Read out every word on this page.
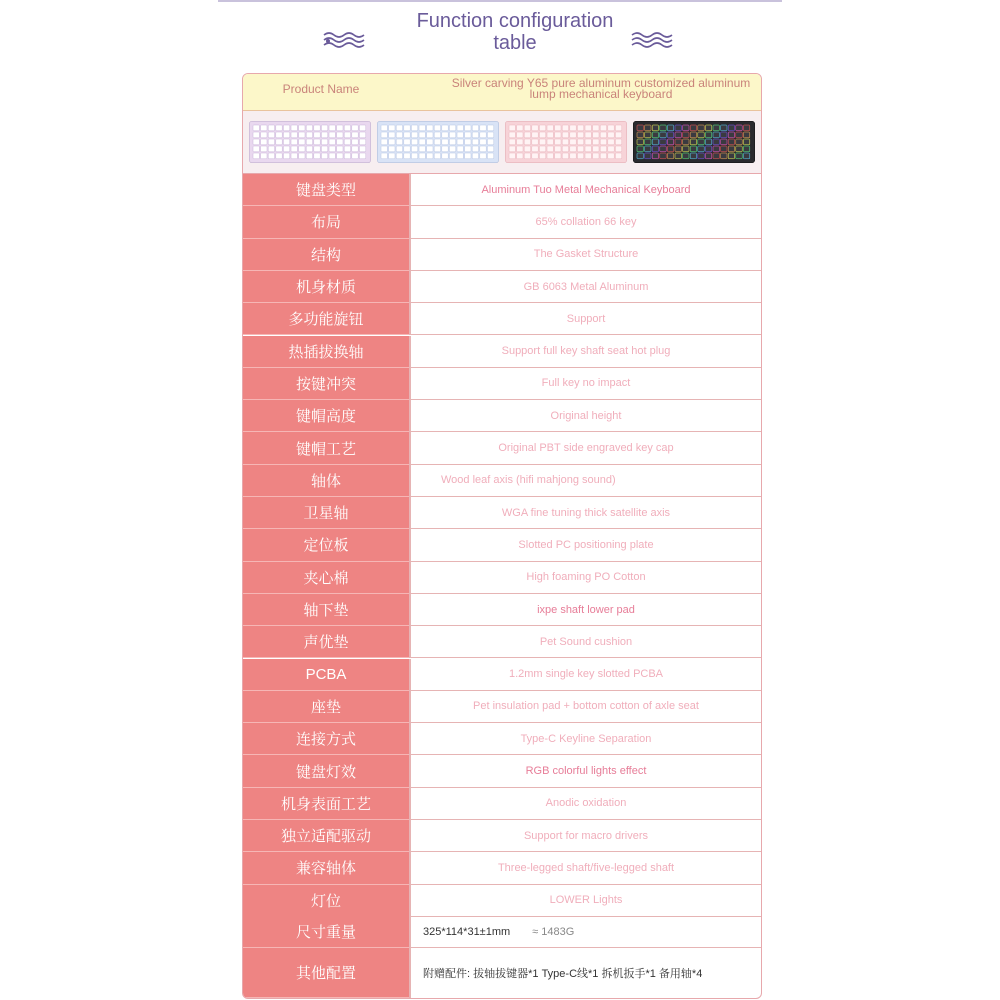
Function configuration
table
Product Name	Silver carving Y65 pure aluminum customized aluminum
lump mechanical keyboard
键盘类型	Aluminum Tuo Metal Mechanical Keyboard
布局	65% collation 66 key
结构	The Gasket Structure
机身材质	GB 6063 Metal Aluminum
多功能旋钮	Support
热插拔换轴	Support full key shaft seat hot plug
按键冲突	Full key no impact
键帽高度	Original height
键帽工艺	Original PBT side engraved key cap
轴体	Wood leaf axis (hifi mahjong sound)
卫星轴	WGA fine tuning thick satellite axis
定位板	Slotted PC positioning plate
夹心棉	High foaming PO Cotton
轴下垫	ixpe shaft lower pad
声优垫	Pet Sound cushion
PCBA	1.2mm single key slotted PCBA
座垫	Pet insulation pad + bottom cotton of axle seat
连接方式	Type-C Keyline Separation
键盘灯效	RGB colorful lights effect
机身表面工艺	Anodic oxidation
独立适配驱动	Support for macro drivers
兼容轴体	Three-legged shaft/five-legged shaft
灯位	LOWER Lights
尺寸重量	325*114*31±1mm ≈ 1483G
其他配置	附赠配件: 拔轴拔键器*1 Type-C线*1 拆机扳手*1 备用轴*4
